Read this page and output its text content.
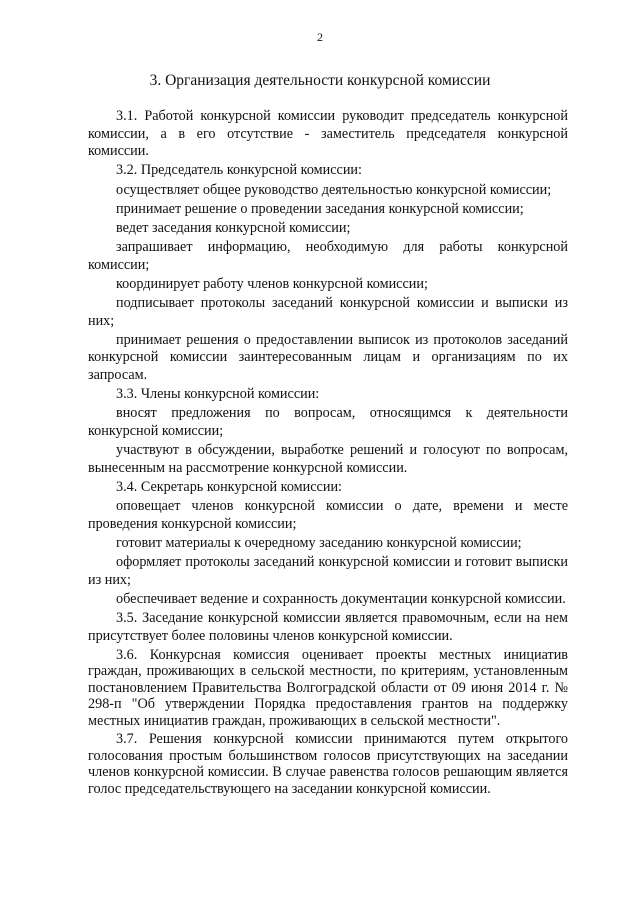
2
3. Организация деятельности конкурсной комиссии

3.1. Работой конкурсной комиссии руководит председатель конкурсной комиссии, а в его отсутствие - заместитель председателя конкурсной комиссии.

3.2. Председатель конкурсной комиссии:

осуществляет общее руководство деятельностью конкурсной комиссии;

принимает решение о проведении заседания конкурсной комиссии;

ведет заседания конкурсной комиссии;

запрашивает информацию, необходимую для работы конкурсной комиссии;

координирует работу членов конкурсной комиссии;

подписывает протоколы заседаний конкурсной комиссии и выписки из них;

принимает решения о предоставлении выписок из протоколов заседаний конкурсной комиссии заинтересованным лицам и организациям по их запросам.

3.3. Члены конкурсной комиссии:

вносят предложения по вопросам, относящимся к деятельности конкурсной комиссии;

участвуют в обсуждении, выработке решений и голосуют по вопросам, вынесенным на рассмотрение конкурсной комиссии.

3.4. Секретарь конкурсной комиссии:

оповещает членов конкурсной комиссии о дате, времени и месте проведения конкурсной комиссии;

готовит материалы к очередному заседанию конкурсной комиссии;

оформляет протоколы заседаний конкурсной комиссии и готовит выписки из них;

обеспечивает ведение и сохранность документации конкурсной комиссии.

3.5. Заседание конкурсной комиссии является правомочным, если на нем присутствует более половины членов конкурсной комиссии.

3.6. Конкурсная комиссия оценивает проекты местных инициатив граждан, проживающих в сельской местности, по критериям, установленным постановлением Правительства Волгоградской области от 09 июня 2014 г. № 298-п "Об утверждении Порядка предоставления грантов на поддержку местных инициатив граждан, проживающих в сельской местности".

3.7. Решения конкурсной комиссии принимаются путем открытого голосования простым большинством голосов присутствующих на заседании членов конкурсной комиссии. В случае равенства голосов решающим является голос председательствующего на заседании конкурсной комиссии.
